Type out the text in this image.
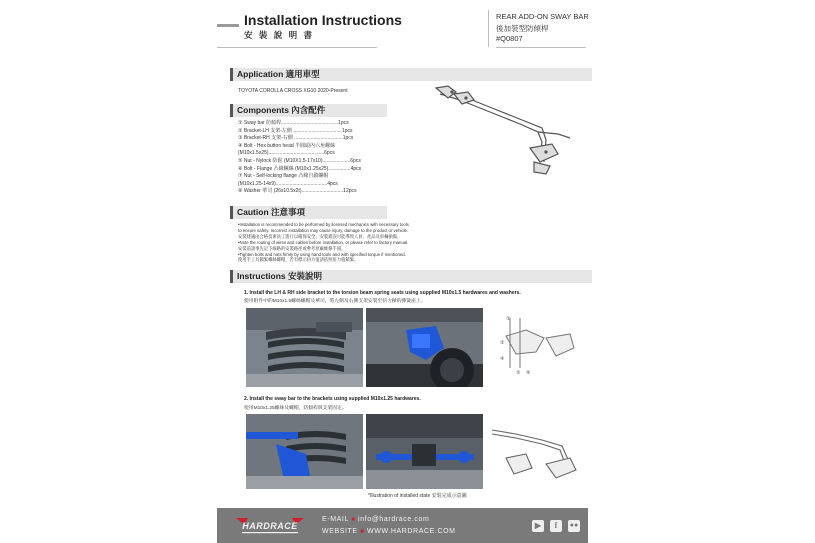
Installation Instructions
安 裝 說 明 書
REAR ADD-ON SWAY BAR
後加裝型防傾桿
#Q0807
Application 適用車型
TOYOTA COROLLA CROSS XG10 2020-Present
Components 內含配件
① Sway bar 防傾桿.........................................1pcs
② Bracket-LH 支架-左側 ...................................1pcs
③ Bracket-RH 支架-右側 ...................................1pcs
④ Bolt - Hex button head 半圓頭內六角螺絲
(M10x1.5x25)........................................6pcs
⑤ Nut - Nylock 防鬆 (M10X1.5-17x10)....................6pcs
⑥ Bolt - Flange 凸緣螺絲 (M10x1.25x25)................4pcs
⑦ Nut - Self-locking flange 凸緣自鎖螺帽
(M10x1.25-14x9).....................................4pcs
⑧ Washer 華司 (26x10.5x2t)..............................12pcs
Caution 注意事項
•Installation is recommended to be performed by licensed mechanics with necessary tools
to ensure safety. Incorrect installation may cause injury, damage to the product or vehicle.
安裝建議由合格技術員工進行以確保安全，安裝錯誤可能導致人員、產品及車輛損傷。
•Note the routing of wires and cables before installation, or please refer to factory manual.
安裝前請事先記下線路的安裝路徑或參考原廠維修手冊。
•Tighten bolts and nuts firmly by using hand tools and with specified torque if mentioned.
使用手工具鎖緊螺絲螺帽，若有標示扭力值請依照扭力值鎖緊。
Instructions 安裝說明
1. Install the LH & RH side bracket to the torsion beam spring seats using supplied M10x1.5 hardwares and washers.
使用附件中的M10x1.5螺絲螺帽及華司，將左側及右側支架安裝至扭力樑的彈簧座上。
①
②
④
⑤ ⑧
2. Install the sway bar to the brackets using supplied M10x1.25 hardwares.
使用M10x1.25螺絲及螺帽，防傾桿與支架固定。
*Illustration of installed state 安裝完成示意圖
HARDRACE
E-MAIL ■ info@hardrace.com
WEBSITE ■ WWW.HARDRACE.COM
▶	f	●●
